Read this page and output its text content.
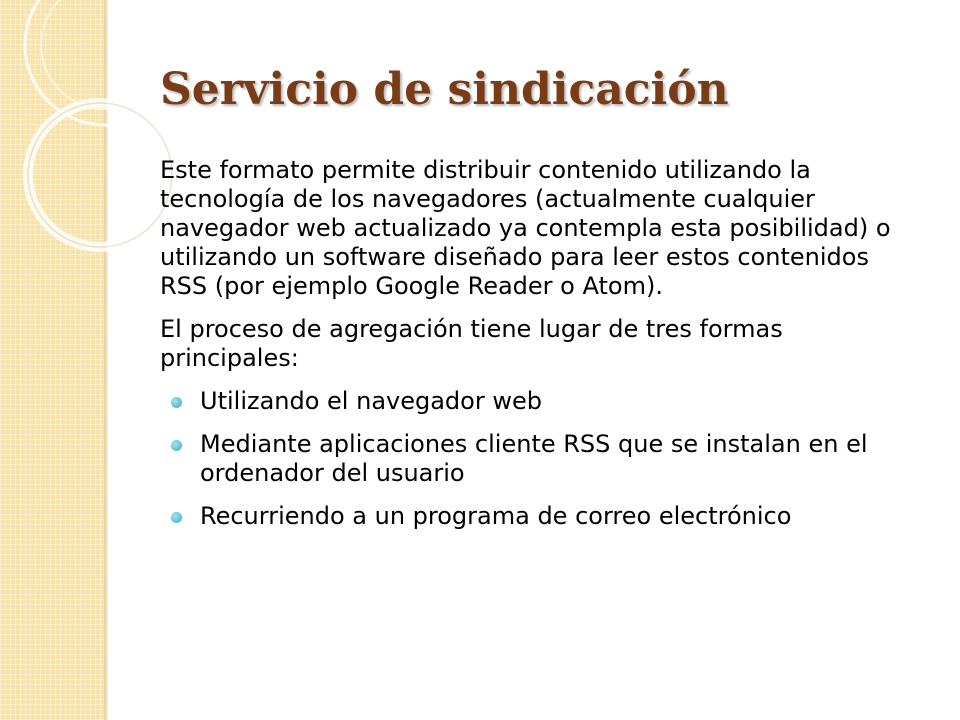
Servicio de sindicación

Este formato permite distribuir contenido utilizando la tecnología de los navegadores (actualmente cualquier navegador web actualizado ya contempla esta posibilidad) o utilizando un software diseñado para leer estos contenidos RSS (por ejemplo Google Reader o Atom).

El proceso de agregación tiene lugar de tres formas principales:

Utilizando el navegador web
Mediante aplicaciones cliente RSS que se instalan en el ordenador del usuario
Recurriendo a un programa de correo electrónico
